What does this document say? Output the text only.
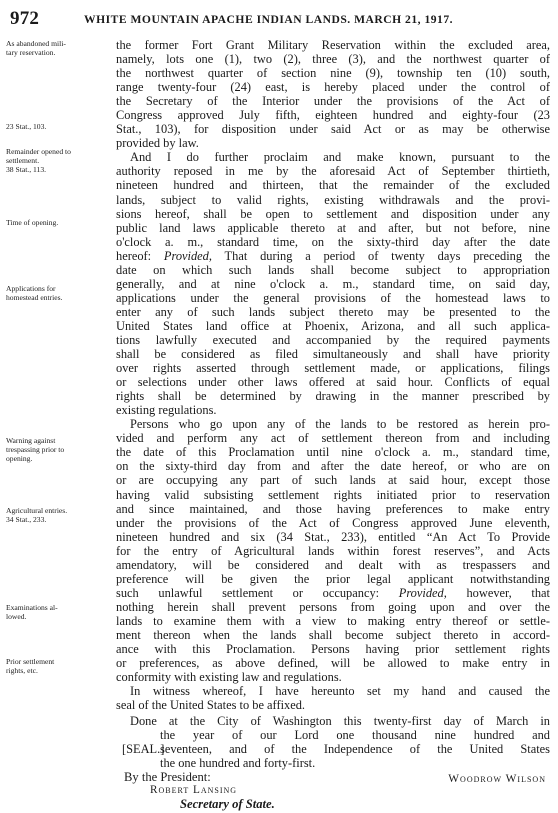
972	WHITE MOUNTAIN APACHE INDIAN LANDS. MARCH 21, 1917.
As abandoned mili-
tary reservation.
23 Stat., 103.
Remainder opened to
settlement.
38 Stat., 113.
Time of opening.
Applications for
homestead entries.
Warning against
trespassing prior to
opening.
Agricultural entries.
34 Stat., 233.
Examinations al-
lowed.
Prior settlement
rights, etc.
the former Fort Grant Military Reservation within the excluded area,
namely, lots one (1), two (2), three (3), and the northwest quarter of
the northwest quarter of section nine (9), township ten (10) south,
range twenty-four (24) east, is hereby placed under the control of
the Secretary of the Interior under the provisions of the Act of
Congress approved July fifth, eighteen hundred and eighty-four (23
Stat., 103), for disposition under said Act or as may be otherwise
provided by law.
And I do further proclaim and make known, pursuant to the
authority reposed in me by the aforesaid Act of September thirtieth,
nineteen hundred and thirteen, that the remainder of the excluded
lands, subject to valid rights, existing withdrawals and the provi-
sions hereof, shall be open to settlement and disposition under any
public land laws applicable thereto at and after, but not before, nine
o'clock a. m., standard time, on the sixty-third day after the date
hereof: Provided, That during a period of twenty days preceding the
date on which such lands shall become subject to appropriation
generally, and at nine o'clock a. m., standard time, on said day,
applications under the general provisions of the homestead laws to
enter any of such lands subject thereto may be presented to the
United States land office at Phoenix, Arizona, and all such applica-
tions lawfully executed and accompanied by the required payments
shall be considered as filed simultaneously and shall have priority
over rights asserted through settlement made, or applications, filings
or selections under other laws offered at said hour. Conflicts of equal
rights shall be determined by drawing in the manner prescribed by
existing regulations.
Persons who go upon any of the lands to be restored as herein pro-
vided and perform any act of settlement thereon from and including
the date of this Proclamation until nine o'clock a. m., standard time,
on the sixty-third day from and after the date hereof, or who are on
or are occupying any part of such lands at said hour, except those
having valid subsisting settlement rights initiated prior to reservation
and since maintained, and those having preferences to make entry
under the provisions of the Act of Congress approved June eleventh,
nineteen hundred and six (34 Stat., 233), entitled “An Act To Provide
for the entry of Agricultural lands within forest reserves”, and Acts
amendatory, will be considered and dealt with as trespassers and
preference will be given the prior legal applicant notwithstanding
such unlawful settlement or occupancy: Provided, however, that
nothing herein shall prevent persons from going upon and over the
lands to examine them with a view to making entry thereof or settle-
ment thereon when the lands shall become subject thereto in accord-
ance with this Proclamation. Persons having prior settlement rights
or preferences, as above defined, will be allowed to make entry in
conformity with existing law and regulations.
In witness whereof, I have hereunto set my hand and caused the
seal of the United States to be affixed.
Done at the City of Washington this twenty-first day of March in
the year of our Lord one thousand nine hundred and
seventeen, and of the Independence of the United States
the one hundred and forty-first.
[SEAL.]
Woodrow Wilson
By the President:
Robert Lansing
Secretary of State.
